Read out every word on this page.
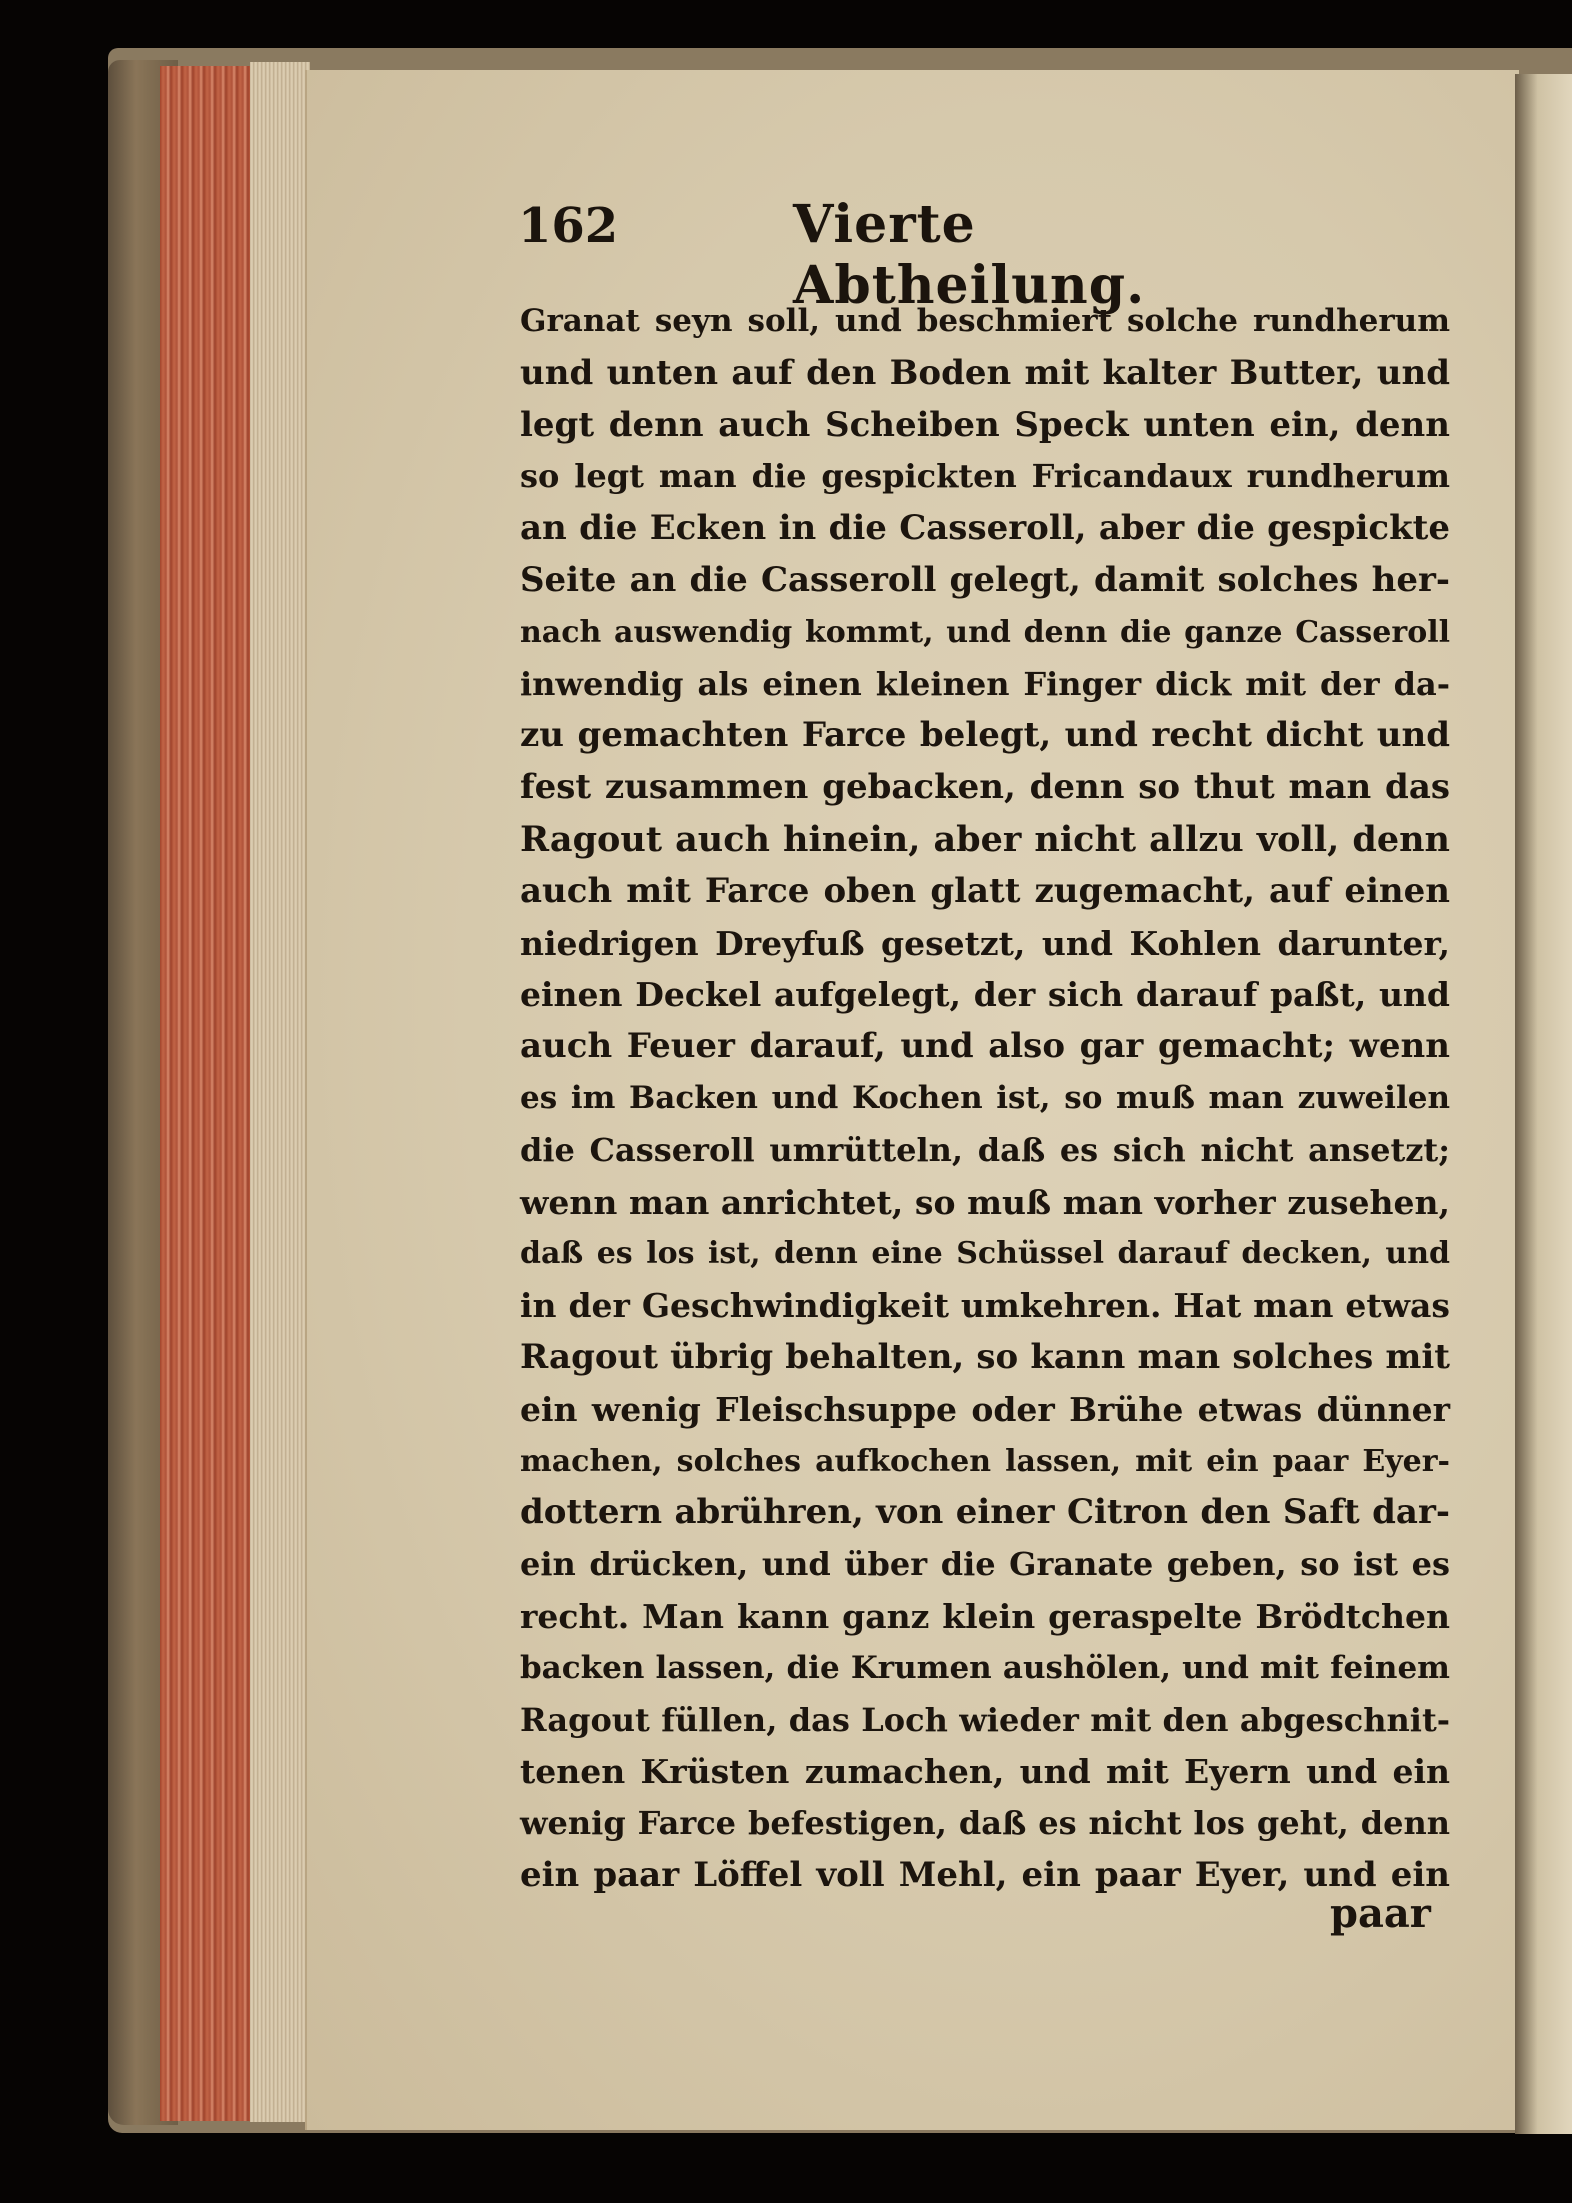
162	Vierte Abtheilung.
Granat seyn soll, und beschmiert solche rundherum
und unten auf den Boden mit kalter Butter, und
legt denn auch Scheiben Speck unten ein, denn
so legt man die gespickten Fricandaux rundherum
an die Ecken in die Casseroll, aber die gespickte
Seite an die Casseroll gelegt, damit solches her-
nach auswendig kommt, und denn die ganze Casseroll
inwendig als einen kleinen Finger dick mit der da-
zu gemachten Farce belegt, und recht dicht und
fest zusammen gebacken, denn so thut man das
Ragout auch hinein, aber nicht allzu voll, denn
auch mit Farce oben glatt zugemacht, auf einen
niedrigen Dreyfuß gesetzt, und Kohlen darunter,
einen Deckel aufgelegt, der sich darauf paßt, und
auch Feuer darauf, und also gar gemacht; wenn
es im Backen und Kochen ist, so muß man zuweilen
die Casseroll umrütteln, daß es sich nicht ansetzt;
wenn man anrichtet, so muß man vorher zusehen,
daß es los ist, denn eine Schüssel darauf decken, und
in der Geschwindigkeit umkehren. Hat man etwas
Ragout übrig behalten, so kann man solches mit
ein wenig Fleischsuppe oder Brühe etwas dünner
machen, solches aufkochen lassen, mit ein paar Eyer-
dottern abrühren, von einer Citron den Saft dar-
ein drücken, und über die Granate geben, so ist es
recht. Man kann ganz klein geraspelte Brödtchen
backen lassen, die Krumen aushölen, und mit feinem
Ragout füllen, das Loch wieder mit den abgeschnit-
tenen Krüsten zumachen, und mit Eyern und ein
wenig Farce befestigen, daß es nicht los geht, denn
ein paar Löffel voll Mehl, ein paar Eyer, und ein
paar
